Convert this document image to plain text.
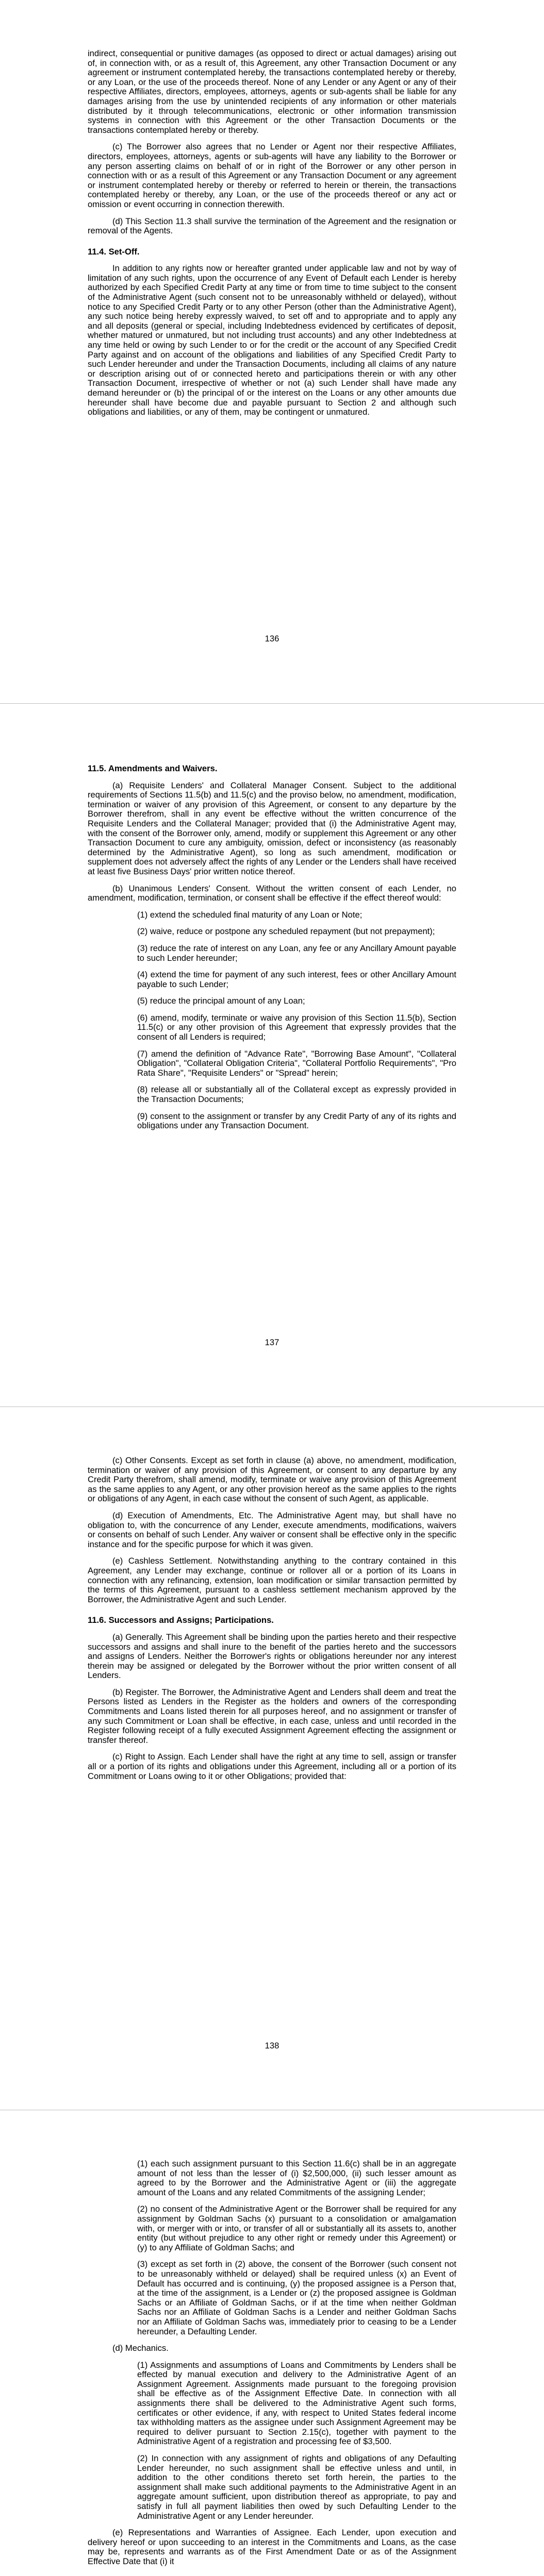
indirect, consequential or punitive damages (as opposed to direct or actual damages) arising out of, in connection with, or as a result of, this Agreement, any other Transaction Document or any agreement or instrument contemplated hereby, the transactions contemplated hereby or thereby, or any Loan, or the use of the proceeds thereof. None of any Lender or any Agent or any of their respective Affiliates, directors, employees, attorneys, agents or sub-agents shall be liable for any damages arising from the use by unintended recipients of any information or other materials distributed by it through telecommunications, electronic or other information transmission systems in connection with this Agreement or the other Transaction Documents or the transactions contemplated hereby or thereby.

(c) The Borrower also agrees that no Lender or Agent nor their respective Affiliates, directors, employees, attorneys, agents or sub-agents will have any liability to the Borrower or any person asserting claims on behalf of or in right of the Borrower or any other person in connection with or as a result of this Agreement or any Transaction Document or any agreement or instrument contemplated hereby or thereby or referred to herein or therein, the transactions contemplated hereby or thereby, any Loan, or the use of the proceeds thereof or any act or omission or event occurring in connection therewith.

(d) This Section 11.3 shall survive the termination of the Agreement and the resignation or removal of the Agents.

11.4. Set-Off.

In addition to any rights now or hereafter granted under applicable law and not by way of limitation of any such rights, upon the occurrence of any Event of Default each Lender is hereby authorized by each Specified Credit Party at any time or from time to time subject to the consent of the Administrative Agent (such consent not to be unreasonably withheld or delayed), without notice to any Specified Credit Party or to any other Person (other than the Administrative Agent), any such notice being hereby expressly waived, to set off and to appropriate and to apply any and all deposits (general or special, including Indebtedness evidenced by certificates of deposit, whether matured or unmatured, but not including trust accounts) and any other Indebtedness at any time held or owing by such Lender to or for the credit or the account of any Specified Credit Party against and on account of the obligations and liabilities of any Specified Credit Party to such Lender hereunder and under the Transaction Documents, including all claims of any nature or description arising out of or connected hereto and participations therein or with any other Transaction Document, irrespective of whether or not (a) such Lender shall have made any demand hereunder or (b) the principal of or the interest on the Loans or any other amounts due hereunder shall have become due and payable pursuant to Section 2 and although such obligations and liabilities, or any of them, may be contingent or unmatured.

136
11.5. Amendments and Waivers.

(a) Requisite Lenders' and Collateral Manager Consent. Subject to the additional requirements of Sections 11.5(b) and 11.5(c) and the proviso below, no amendment, modification, termination or waiver of any provision of this Agreement, or consent to any departure by the Borrower therefrom, shall in any event be effective without the written concurrence of the Requisite Lenders and the Collateral Manager; provided that (i) the Administrative Agent may, with the consent of the Borrower only, amend, modify or supplement this Agreement or any other Transaction Document to cure any ambiguity, omission, defect or inconsistency (as reasonably determined by the Administrative Agent), so long as such amendment, modification or supplement does not adversely affect the rights of any Lender or the Lenders shall have received at least five Business Days' prior written notice thereof.

(b) Unanimous Lenders' Consent. Without the written consent of each Lender, no amendment, modification, termination, or consent shall be effective if the effect thereof would:

(1) extend the scheduled final maturity of any Loan or Note;

(2) waive, reduce or postpone any scheduled repayment (but not prepayment);

(3) reduce the rate of interest on any Loan, any fee or any Ancillary Amount payable to such Lender hereunder;

(4) extend the time for payment of any such interest, fees or other Ancillary Amount payable to such Lender;

(5) reduce the principal amount of any Loan;

(6) amend, modify, terminate or waive any provision of this Section 11.5(b), Section 11.5(c) or any other provision of this Agreement that expressly provides that the consent of all Lenders is required;

(7) amend the definition of "Advance Rate", "Borrowing Base Amount", "Collateral Obligation", "Collateral Obligation Criteria", "Collateral Portfolio Requirements", "Pro Rata Share", "Requisite Lenders" or "Spread" herein;

(8) release all or substantially all of the Collateral except as expressly provided in the Transaction Documents;

(9) consent to the assignment or transfer by any Credit Party of any of its rights and obligations under any Transaction Document.

137

(c) Other Consents. Except as set forth in clause (a) above, no amendment, modification, termination or waiver of any provision of this Agreement, or consent to any departure by any Credit Party therefrom, shall amend, modify, terminate or waive any provision of this Agreement as the same applies to any Agent, or any other provision hereof as the same applies to the rights or obligations of any Agent, in each case without the consent of such Agent, as applicable.

(d) Execution of Amendments, Etc. The Administrative Agent may, but shall have no obligation to, with the concurrence of any Lender, execute amendments, modifications, waivers or consents on behalf of such Lender. Any waiver or consent shall be effective only in the specific instance and for the specific purpose for which it was given.

(e) Cashless Settlement. Notwithstanding anything to the contrary contained in this Agreement, any Lender may exchange, continue or rollover all or a portion of its Loans in connection with any refinancing, extension, loan modification or similar transaction permitted by the terms of this Agreement, pursuant to a cashless settlement mechanism approved by the Borrower, the Administrative Agent and such Lender.

11.6. Successors and Assigns; Participations.

(a) Generally. This Agreement shall be binding upon the parties hereto and their respective successors and assigns and shall inure to the benefit of the parties hereto and the successors and assigns of Lenders. Neither the Borrower's rights or obligations hereunder nor any interest therein may be assigned or delegated by the Borrower without the prior written consent of all Lenders.

(b) Register. The Borrower, the Administrative Agent and Lenders shall deem and treat the Persons listed as Lenders in the Register as the holders and owners of the corresponding Commitments and Loans listed therein for all purposes hereof, and no assignment or transfer of any such Commitment or Loan shall be effective, in each case, unless and until recorded in the Register following receipt of a fully executed Assignment Agreement effecting the assignment or transfer thereof.

(c) Right to Assign. Each Lender shall have the right at any time to sell, assign or transfer all or a portion of its rights and obligations under this Agreement, including all or a portion of its Commitment or Loans owing to it or other Obligations; provided that:

138

(1) each such assignment pursuant to this Section 11.6(c) shall be in an aggregate amount of not less than the lesser of (i) $2,500,000, (ii) such lesser amount as agreed to by the Borrower and the Administrative Agent or (iii) the aggregate amount of the Loans and any related Commitments of the assigning Lender;

(2) no consent of the Administrative Agent or the Borrower shall be required for any assignment by Goldman Sachs (x) pursuant to a consolidation or amalgamation with, or merger with or into, or transfer of all or substantially all its assets to, another entity (but without prejudice to any other right or remedy under this Agreement) or (y) to any Affiliate of Goldman Sachs; and

(3) except as set forth in (2) above, the consent of the Borrower (such consent not to be unreasonably withheld or delayed) shall be required unless (x) an Event of Default has occurred and is continuing, (y) the proposed assignee is a Person that, at the time of the assignment, is a Lender or (z) the proposed assignee is Goldman Sachs or an Affiliate of Goldman Sachs, or if at the time when neither Goldman Sachs nor an Affiliate of Goldman Sachs is a Lender and neither Goldman Sachs nor an Affiliate of Goldman Sachs was, immediately prior to ceasing to be a Lender hereunder, a Defaulting Lender.

(d) Mechanics.

(1) Assignments and assumptions of Loans and Commitments by Lenders shall be effected by manual execution and delivery to the Administrative Agent of an Assignment Agreement. Assignments made pursuant to the foregoing provision shall be effective as of the Assignment Effective Date. In connection with all assignments there shall be delivered to the Administrative Agent such forms, certificates or other evidence, if any, with respect to United States federal income tax withholding matters as the assignee under such Assignment Agreement may be required to deliver pursuant to Section 2.15(c), together with payment to the Administrative Agent of a registration and processing fee of $3,500.

(2) In connection with any assignment of rights and obligations of any Defaulting Lender hereunder, no such assignment shall be effective unless and until, in addition to the other conditions thereto set forth herein, the parties to the assignment shall make such additional payments to the Administrative Agent in an aggregate amount sufficient, upon distribution thereof as appropriate, to pay and satisfy in full all payment liabilities then owed by such Defaulting Lender to the Administrative Agent or any Lender hereunder.

(e) Representations and Warranties of Assignee. Each Lender, upon execution and delivery hereof or upon succeeding to an interest in the Commitments and Loans, as the case may be, represents and warrants as of the First Amendment Date or as of the Assignment Effective Date that (i) it
